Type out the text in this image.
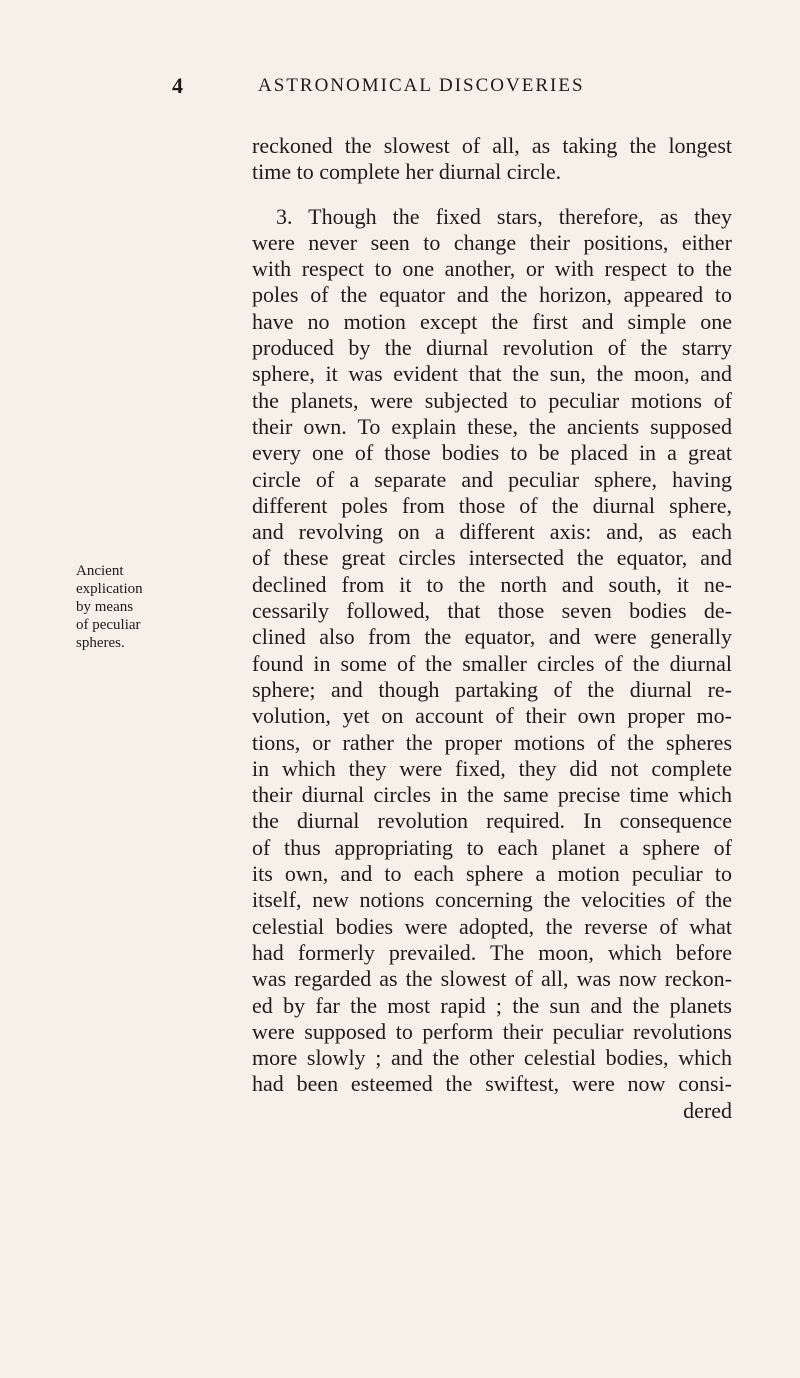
4	ASTRONOMICAL DISCOVERIES
Ancient
explication
by means
of peculiar
spheres.
reckoned the slowest of all, as taking the longest
time to complete her diurnal circle.
3. Though the fixed stars, therefore, as they
were never seen to change their positions, either
with respect to one another, or with respect to the
poles of the equator and the horizon, appeared to
have no motion except the first and simple one
produced by the diurnal revolution of the starry
sphere, it was evident that the sun, the moon, and
the planets, were subjected to peculiar motions of
their own. To explain these, the ancients supposed
every one of those bodies to be placed in a great
circle of a separate and peculiar sphere, having
different poles from those of the diurnal sphere,
and revolving on a different axis: and, as each
of these great circles intersected the equator, and
declined from it to the north and south, it ne-
cessarily followed, that those seven bodies de-
clined also from the equator, and were generally
found in some of the smaller circles of the diurnal
sphere; and though partaking of the diurnal re-
volution, yet on account of their own proper mo-
tions, or rather the proper motions of the spheres
in which they were fixed, they did not complete
their diurnal circles in the same precise time which
the diurnal revolution required. In consequence
of thus appropriating to each planet a sphere of
its own, and to each sphere a motion peculiar to
itself, new notions concerning the velocities of the
celestial bodies were adopted, the reverse of what
had formerly prevailed. The moon, which before
was regarded as the slowest of all, was now reckon-
ed by far the most rapid ; the sun and the planets
were supposed to perform their peculiar revolutions
more slowly ; and the other celestial bodies, which
had been esteemed the swiftest, were now consi-
dered
